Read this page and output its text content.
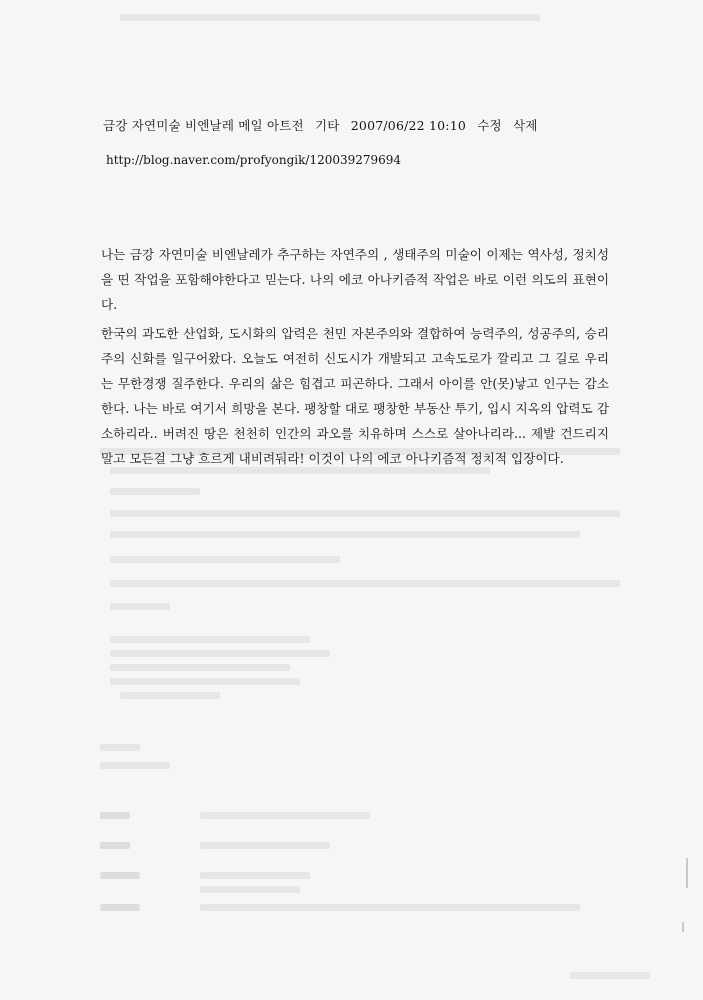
금강 자연미술 비엔날레 메일 아트전 기타 2007/06/22 10:10 수정 삭제
http://blog.naver.com/profyongik/120039279694
나는 금강 자연미술 비엔날레가 추구하는 자연주의 , 생태주의 미술이 이제는 역사성, 정치성을 띤 작업을 포함해야한다고 믿는다. 나의 에코 아나키즘적 작업은 바로 이런 의도의 표현이다.
한국의 과도한 산업화, 도시화의 압력은 천민 자본주의와 결합하여 능력주의, 성공주의, 승리주의 신화를 일구어왔다. 오늘도 여전히 신도시가 개발되고 고속도로가 깔리고 그 길로 우리는 무한경쟁 질주한다. 우리의 삶은 힘겹고 피곤하다. 그래서 아이를 안(못)낳고 인구는 감소한다. 나는 바로 여기서 희망을 본다. 팽창할 대로 팽창한 부동산 투기, 입시 지옥의 압력도 감소하리라.. 버려진 땅은 천천히 인간의 과오를 치유하며 스스로 살아나리라... 제발 건드리지말고 모든걸 그냥 흐르게 내비려둬라! 이것이 나의 에코 아나키즘적 정치적 입장이다.
